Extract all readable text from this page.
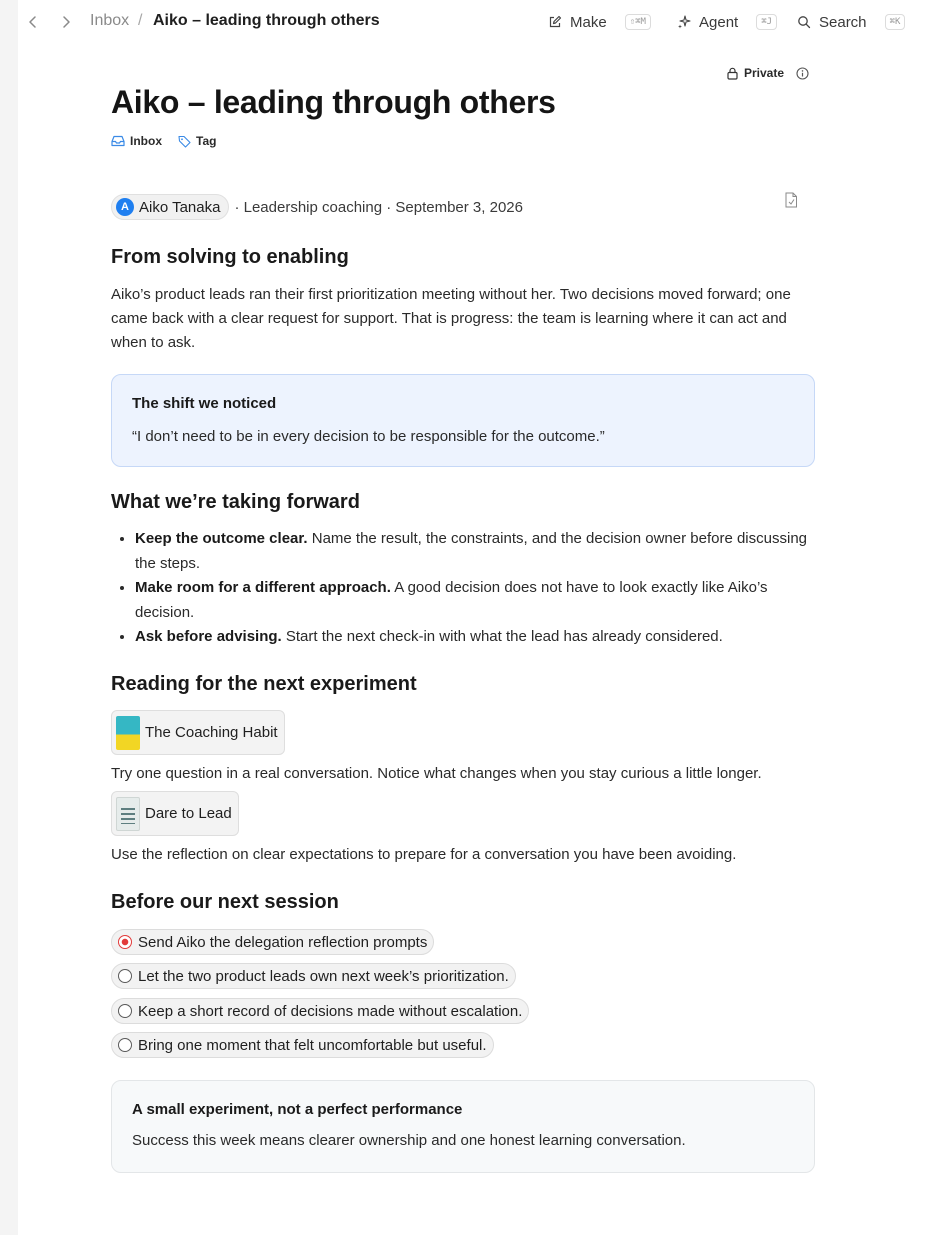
Inbox / Aiko – leading through others	Make	⇧⌘M	Agent	⌘J	Search	⌘K
Private
Aiko – leading through others
Inbox	Tag
A Aiko Tanaka · Leadership coaching · September 3, 2026
From solving to enabling

Aiko’s product leads ran their first prioritization meeting without her. Two decisions moved forward; one came back with a clear request for support. That is progress: the team is learning where it can act and when to ask.

The shift we noticed
“I don’t need to be in every decision to be responsible for the outcome.”
What we’re taking forward
• Keep the outcome clear. Name the result, the constraints, and the decision owner before discussing the steps.
• Make room for a different approach. A good decision does not have to look exactly like Aiko’s decision.
• Ask before advising. Start the next check-in with what the lead has already considered.
Reading for the next experiment
The Coaching Habit

Try one question in a real conversation. Notice what changes when you stay curious a little longer.

Dare to Lead

Use the reflection on clear expectations to prepare for a conversation you have been avoiding.

Before our next session
Send Aiko the delegation reflection prompts
Let the two product leads own next week’s prioritization.
Keep a short record of decisions made without escalation.
Bring one moment that felt uncomfortable but useful.
A small experiment, not a perfect performance
Success this week means clearer ownership and one honest learning conversation.
